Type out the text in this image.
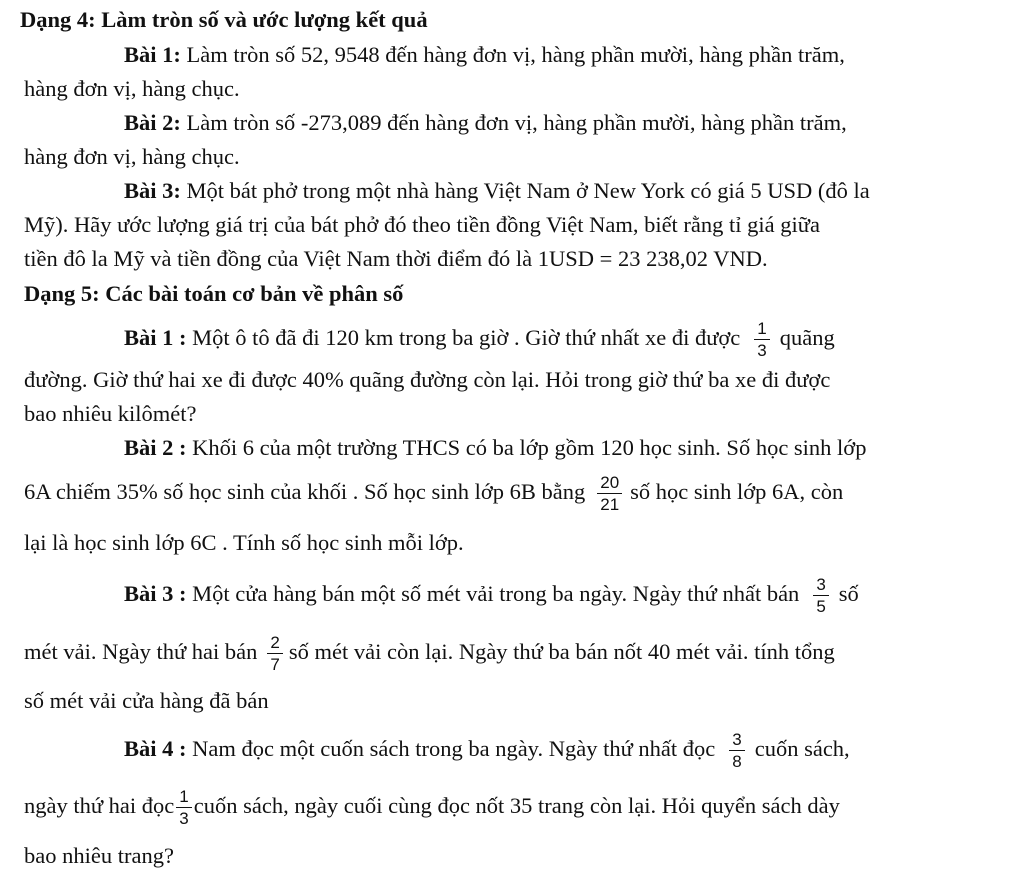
Dạng 4: Làm tròn số và ước lượng kết quả
Bài 1: Làm tròn số 52, 9548 đến hàng đơn vị, hàng phần mười, hàng phần trăm,
hàng đơn vị, hàng chục.
Bài 2: Làm tròn số -273,089 đến hàng đơn vị, hàng phần mười, hàng phần trăm,
hàng đơn vị, hàng chục.
Bài 3: Một bát phở trong một nhà hàng Việt Nam ở New York có giá 5 USD (đô la
Mỹ). Hãy ước lượng giá trị của bát phở đó theo tiền đồng Việt Nam, biết rằng tỉ giá giữa
tiền đô la Mỹ và tiền đồng của Việt Nam thời điểm đó là 1USD = 23 238,02 VND.
Dạng 5: Các bài toán cơ bản về phân số
Bài 1 : Một ô tô đã đi 120 km trong ba giờ . Giờ thứ nhất xe đi được $\frac{1}{3}$ quãng
đường. Giờ thứ hai xe đi được 40% quãng đường còn lại. Hỏi trong giờ thứ ba xe đi được
bao nhiêu kilômét?
Bài 2 : Khối 6 của một trường THCS có ba lớp gồm 120 học sinh. Số học sinh lớp
6A chiếm 35% số học sinh của khối . Số học sinh lớp 6B bằng $\frac{20}{21}$ số học sinh lớp 6A, còn
lại là học sinh lớp 6C . Tính số học sinh mỗi lớp.
Bài 3 : Một cửa hàng bán một số mét vải trong ba ngày. Ngày thứ nhất bán $\frac{3}{5}$ số
mét vải. Ngày thứ hai bán $\frac{2}{7}$ số mét vải còn lại. Ngày thứ ba bán nốt 40 mét vải. tính tổng
số mét vải cửa hàng đã bán
Bài 4 : Nam đọc một cuốn sách trong ba ngày. Ngày thứ nhất đọc $\frac{3}{8}$ cuốn sách,
ngày thứ hai đọc $\frac{1}{3}$ cuốn sách, ngày cuối cùng đọc nốt 35 trang còn lại. Hỏi quyển sách dày
bao nhiêu trang?
